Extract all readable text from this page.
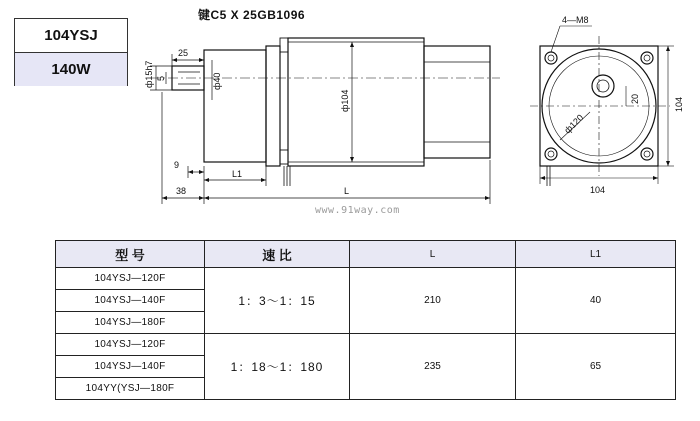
104YSJ
140W
键C5 X 25GB1096
25
ф15h7 5	ф40
ф104
9
L1
38	L
4—M8
20
ф120
104
104
www.91way.com
型 号	速 比	L	L1
104YSJ—120F	1：3～1：15	210	40
104YSJ—140F			
104YSJ—180F			
104YSJ—120F	1：18～1：180	235	65
104YSJ—140F			
104YY(YSJ—180F			
